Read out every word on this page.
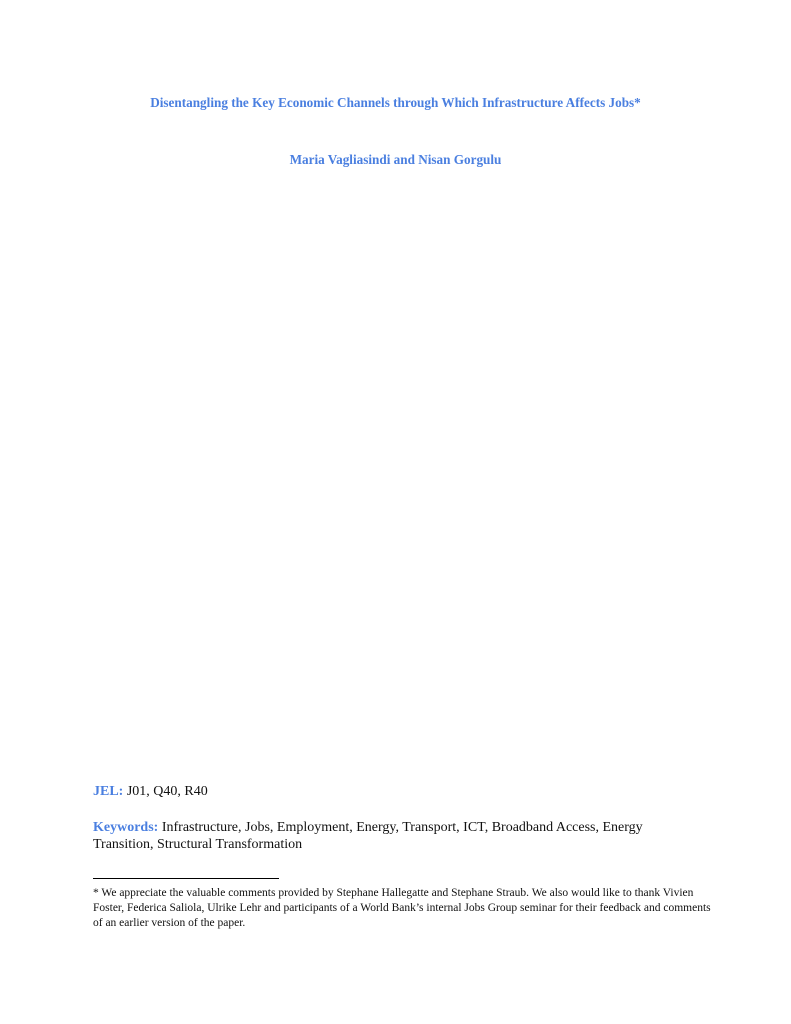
Disentangling the Key Economic Channels through Which Infrastructure Affects Jobs*
Maria Vagliasindi and Nisan Gorgulu
JEL: J01, Q40, R40
Keywords: Infrastructure, Jobs, Employment, Energy, Transport, ICT, Broadband Access, Energy Transition, Structural Transformation
* We appreciate the valuable comments provided by Stephane Hallegatte and Stephane Straub. We also would like to thank Vivien Foster, Federica Saliola, Ulrike Lehr and participants of a World Bank’s internal Jobs Group seminar for their feedback and comments of an earlier version of the paper.
